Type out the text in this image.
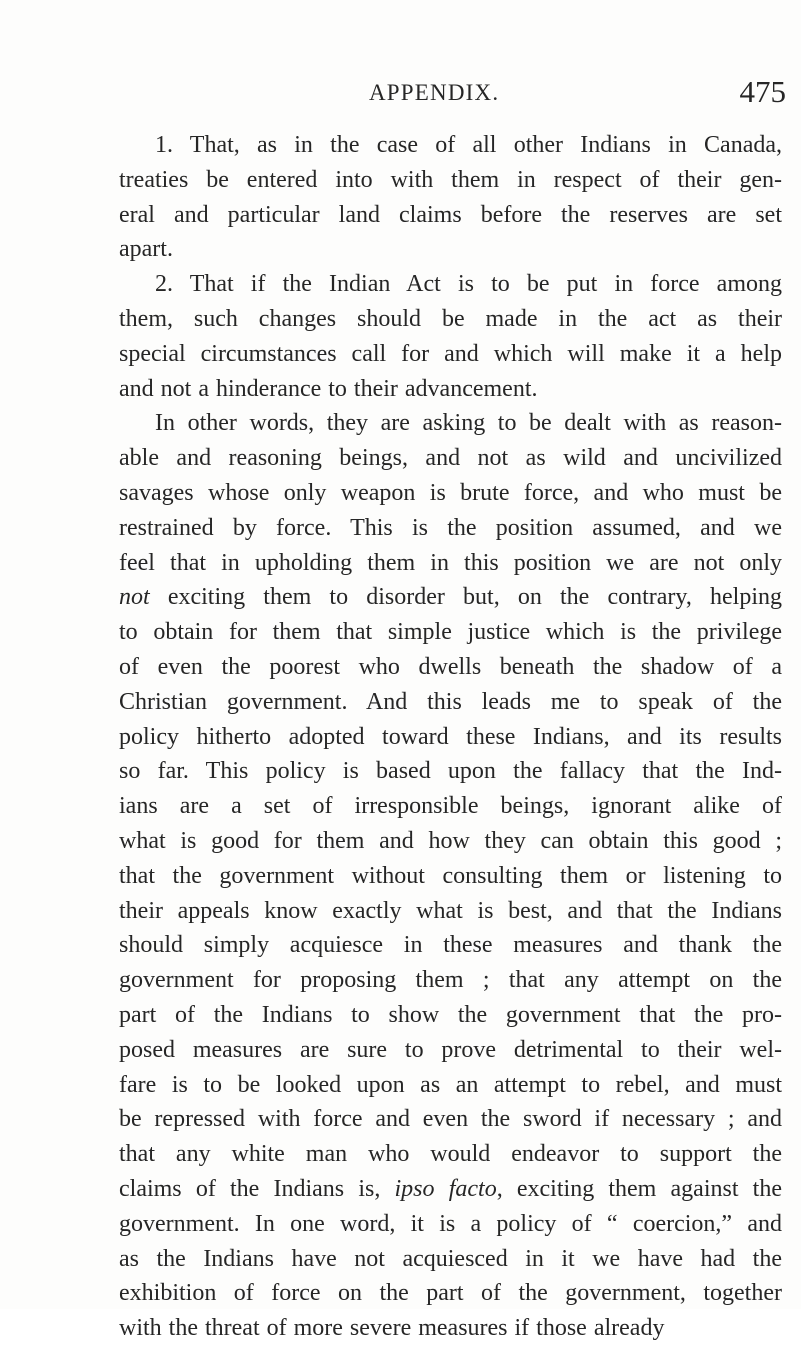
APPENDIX.	475
1. That, as in the case of all other Indians in Canada,
treaties be entered into with them in respect of their gen-
eral and particular land claims before the reserves are set
apart.
2. That if the Indian Act is to be put in force among
them, such changes should be made in the act as their
special circumstances call for and which will make it a help
and not a hinderance to their advancement.
In other words, they are asking to be dealt with as reason-
able and reasoning beings, and not as wild and uncivilized
savages whose only weapon is brute force, and who must be
restrained by force. This is the position assumed, and we
feel that in upholding them in this position we are not only
not exciting them to disorder but, on the contrary, helping
to obtain for them that simple justice which is the privilege
of even the poorest who dwells beneath the shadow of a
Christian government. And this leads me to speak of the
policy hitherto adopted toward these Indians, and its results
so far. This policy is based upon the fallacy that the Ind-
ians are a set of irresponsible beings, ignorant alike of
what is good for them and how they can obtain this good ;
that the government without consulting them or listening to
their appeals know exactly what is best, and that the Indians
should simply acquiesce in these measures and thank the
government for proposing them ; that any attempt on the
part of the Indians to show the government that the pro-
posed measures are sure to prove detrimental to their wel-
fare is to be looked upon as an attempt to rebel, and must
be repressed with force and even the sword if necessary ; and
that any white man who would endeavor to support the
claims of the Indians is, ipso facto, exciting them against the
government. In one word, it is a policy of “ coercion,” and
as the Indians have not acquiesced in it we have had the
exhibition of force on the part of the government, together
with the threat of more severe measures if those already
